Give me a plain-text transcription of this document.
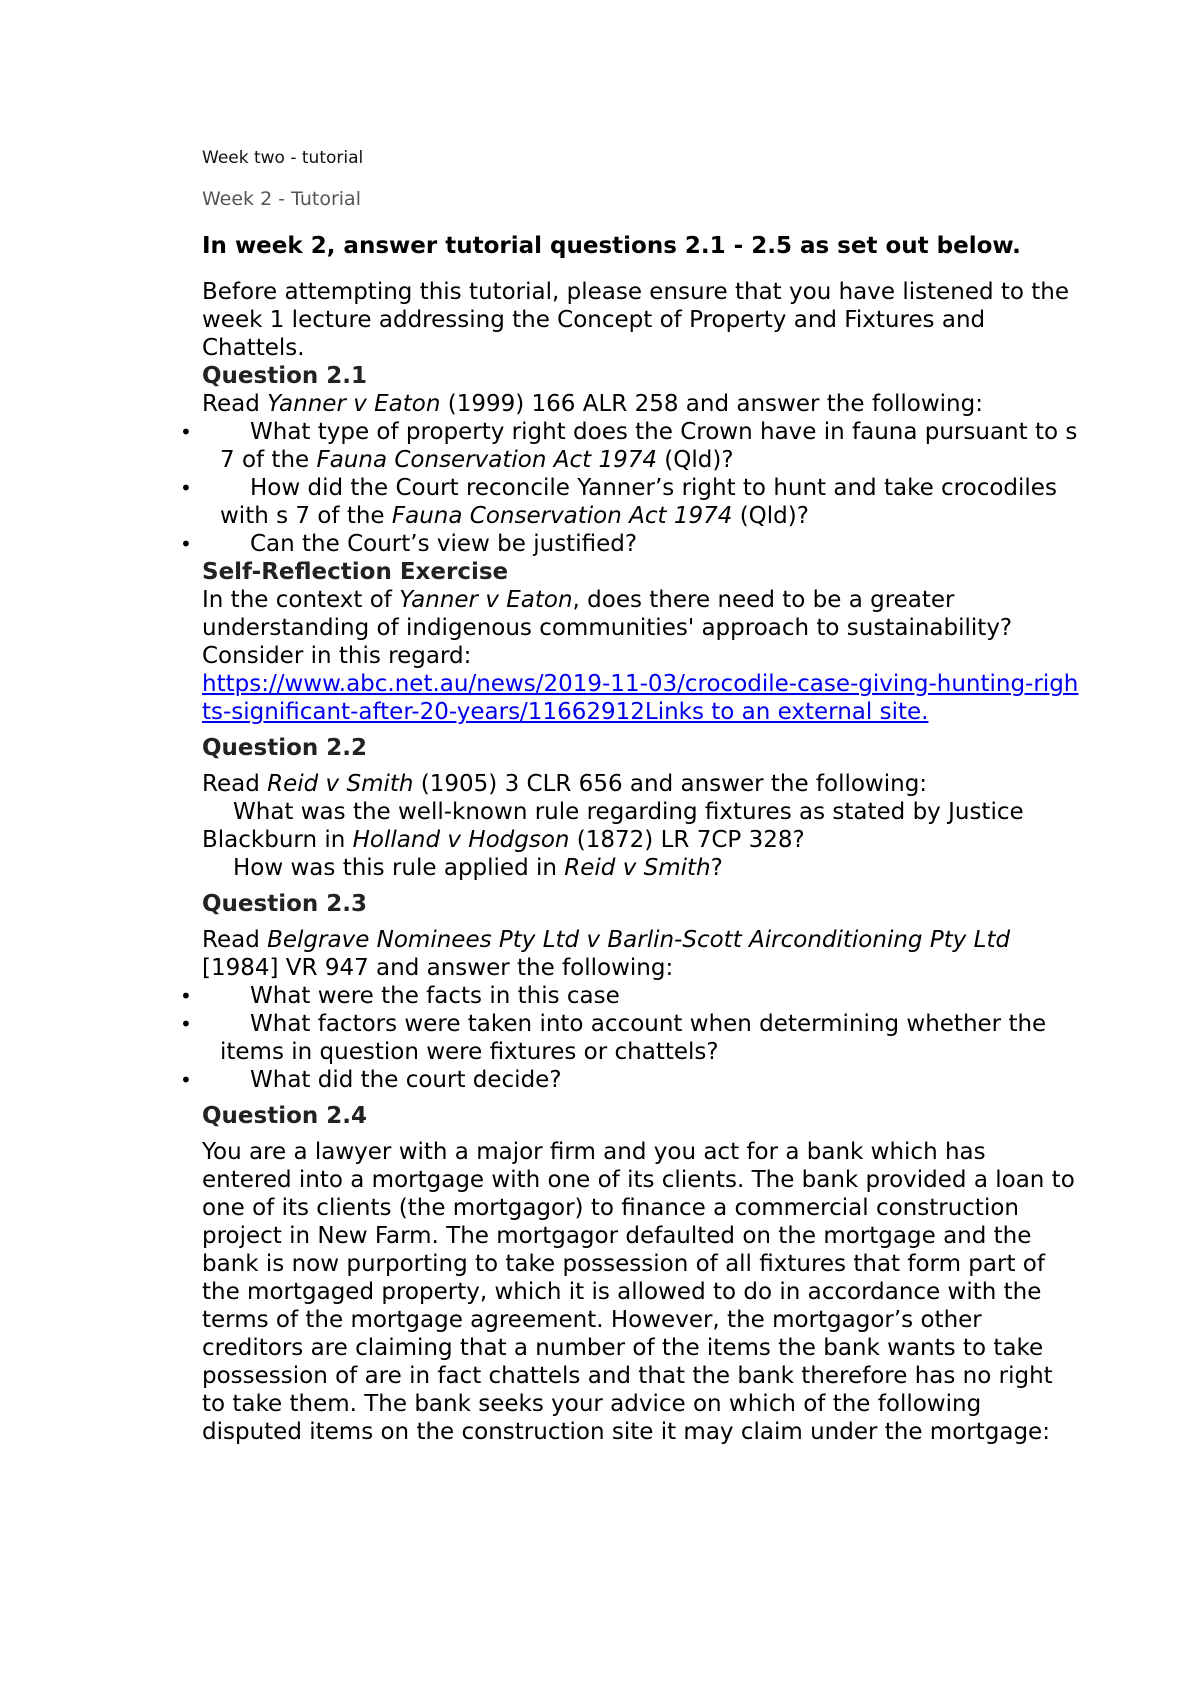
Week two - tutorial
Week 2 - Tutorial
In week 2, answer tutorial questions 2.1 - 2.5 as set out below.

Before attempting this tutorial, please ensure that you have listened to the week 1 lecture addressing the Concept of Property and Fixtures and Chattels.

Question 2.1

Read Yanner v Eaton (1999) 166 ALR 258 and answer the following:

•	What type of property right does the Crown have in fauna pursuant to s 7 of the Fauna Conservation Act 1974 (Qld)?
•	How did the Court reconcile Yanner’s right to hunt and take crocodiles with s 7 of the Fauna Conservation Act 1974 (Qld)?
•	Can the Court’s view be justified?
Self-Reflection Exercise

In the context of Yanner v Eaton, does there need to be a greater understanding of indigenous communities' approach to sustainability? Consider in this regard:

https://www.abc.net.au/news/2019-11-03/crocodile-case-giving-hunting-rights-significant-after-20-years/11662912Links to an external site.
Question 2.2

Read Reid v Smith (1905) 3 CLR 656 and answer the following:

What was the well-known rule regarding fixtures as stated by Justice Blackburn in Holland v Hodgson (1872) LR 7CP 328?

How was this rule applied in Reid v Smith?

Question 2.3

Read Belgrave Nominees Pty Ltd v Barlin-Scott Airconditioning Pty Ltd [1984] VR 947 and answer the following:

•	What were the facts in this case
•	What factors were taken into account when determining whether the items in question were fixtures or chattels?
•	What did the court decide?
Question 2.4

You are a lawyer with a major firm and you act for a bank which has entered into a mortgage with one of its clients. The bank provided a loan to one of its clients (the mortgagor) to finance a commercial construction project in New Farm. The mortgagor defaulted on the mortgage and the bank is now purporting to take possession of all fixtures that form part of the mortgaged property, which it is allowed to do in accordance with the terms of the mortgage agreement. However, the mortgagor’s other creditors are claiming that a number of the items the bank wants to take possession of are in fact chattels and that the bank therefore has no right to take them. The bank seeks your advice on which of the following disputed items on the construction site it may claim under the mortgage:
